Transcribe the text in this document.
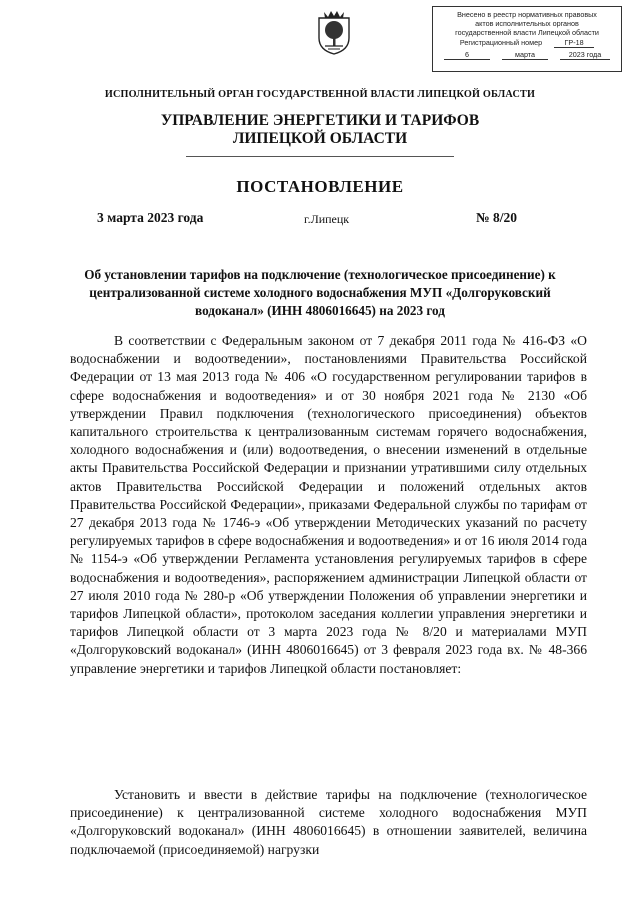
Внесено в реестр нормативных правовых
актов исполнительных органов
государственной власти Липецкой области
Регистрационный номер	ГР-18
6	марта	2023 года
ИСПОЛНИТЕЛЬНЫЙ ОРГАН ГОСУДАРСТВЕННОЙ ВЛАСТИ ЛИПЕЦКОЙ ОБЛАСТИ
УПРАВЛЕНИЕ ЭНЕРГЕТИКИ И ТАРИФОВ
ЛИПЕЦКОЙ ОБЛАСТИ
ПОСТАНОВЛЕНИЕ
3 марта 2023 года	г.Липецк	№ 8/20
Об установлении тарифов на подключение (технологическое присоединение) к централизованной системе холодного водоснабжения МУП «Долгоруковский водоканал» (ИНН 4806016645) на 2023 год
В соответствии с Федеральным законом от 7 декабря 2011 года № 416-ФЗ «О водоснабжении и водоотведении», постановлениями Правительства Российской Федерации от 13 мая 2013 года № 406 «О государственном регулировании тарифов в сфере водоснабжения и водоотведения» и от 30 ноября 2021 года № 2130 «Об утверждении Правил подключения (технологического присоединения) объектов капитального строительства к централизованным системам горячего водоснабжения, холодного водоснабжения и (или) водоотведения, о внесении изменений в отдельные акты Правительства Российской Федерации и признании утратившими силу отдельных актов Правительства Российской Федерации и положений отдельных актов Правительства Российской Федерации», приказами Федеральной службы по тарифам от 27 декабря 2013 года № 1746-э «Об утверждении Методических указаний по расчету регулируемых тарифов в сфере водоснабжения и водоотведения» и от 16 июля 2014 года № 1154-э «Об утверждении Регламента установления регулируемых тарифов в сфере водоснабжения и водоотведения», распоряжением администрации Липецкой области от 27 июля 2010 года № 280-р «Об утверждении Положения об управлении энергетики и тарифов Липецкой области», протоколом заседания коллегии управления энергетики и тарифов Липецкой области от 3 марта 2023 года № 8/20 и материалами МУП «Долгоруковский водоканал» (ИНН 4806016645) от 3 февраля 2023 года вх. № 48-366 управление энергетики и тарифов Липецкой области постановляет:
Установить и ввести в действие тарифы на подключение (технологическое присоединение) к централизованной системе холодного водоснабжения МУП «Долгоруковский водоканал» (ИНН 4806016645) в отношении заявителей, величина подключаемой (присоединяемой) нагрузки
